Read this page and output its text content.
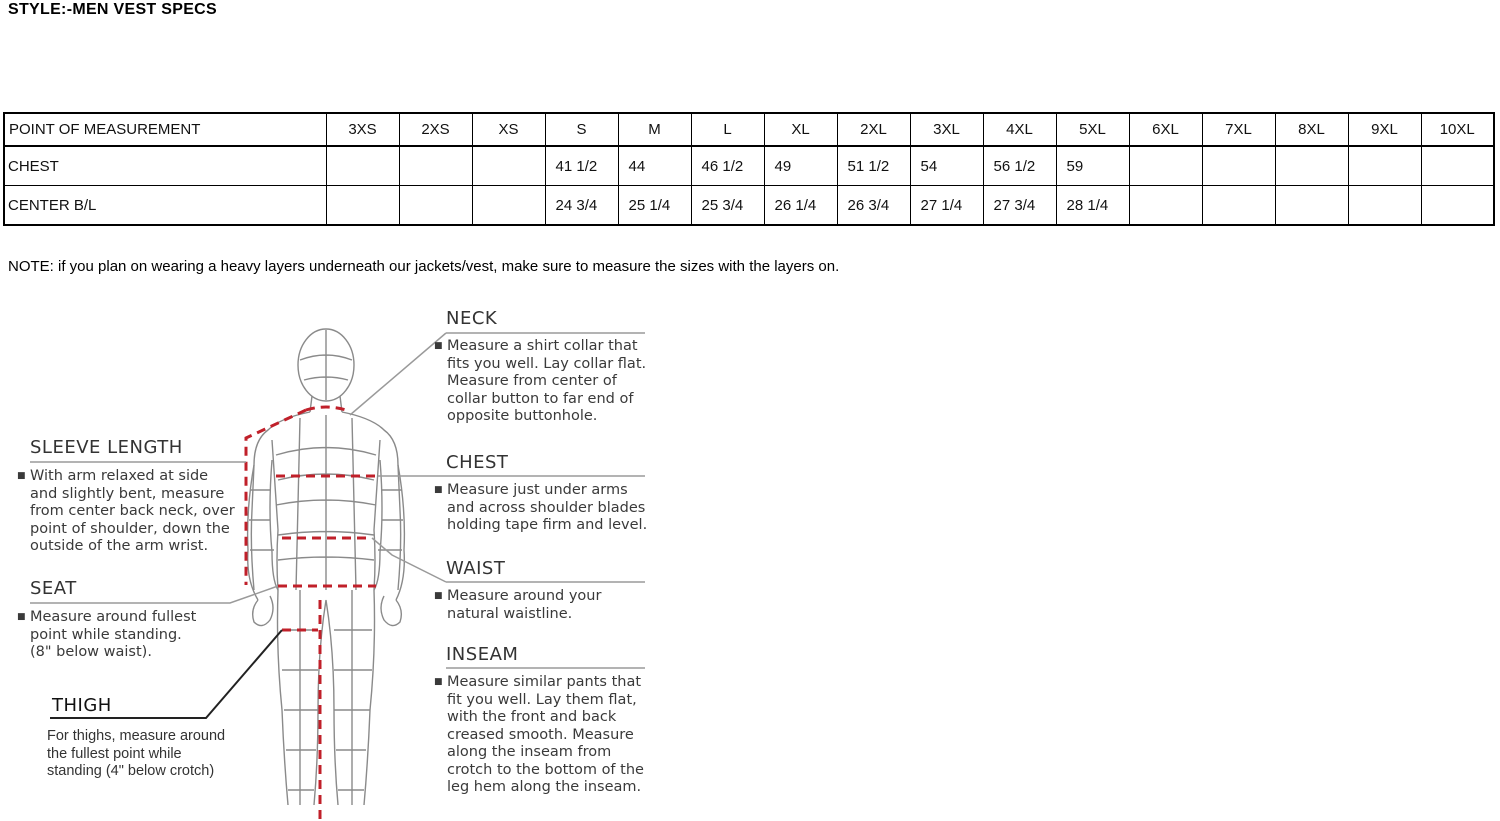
STYLE:-MEN VEST SPECS
POINT OF MEASUREMENT	3XS	2XS	XS	S	M	L	XL	2XL	3XL	4XL	5XL	6XL	7XL	8XL	9XL	10XL
CHEST				41 1/2	44	46 1/2	49	51 1/2	54	56 1/2	59					
CENTER B/L				24 3/4	25 1/4	25 3/4	26 1/4	26 3/4	27 1/4	27 3/4	28 1/4					
NOTE: if you plan on wearing a heavy layers underneath our jackets/vest, make sure to measure the sizes with the layers on.
NECK
■ Measure a shirt collar that
fits you well. Lay collar flat.
Measure from center of
collar button to far end of
opposite buttonhole.
CHEST
■ Measure just under arms
and across shoulder blades
holding tape firm and level.
WAIST
■ Measure around your
natural waistline.
INSEAM
■ Measure similar pants that
fit you well. Lay them flat,
with the front and back
creased smooth. Measure
along the inseam from
crotch to the bottom of the
leg hem along the inseam.
SLEEVE LENGTH
■ With arm relaxed at side
and slightly bent, measure
from center back neck, over
point of shoulder, down the
outside of the arm wrist.
SEAT
■ Measure around fullest
point while standing.
(8" below waist).
THIGH
For thighs, measure around
the fullest point while
standing (4" below crotch)
